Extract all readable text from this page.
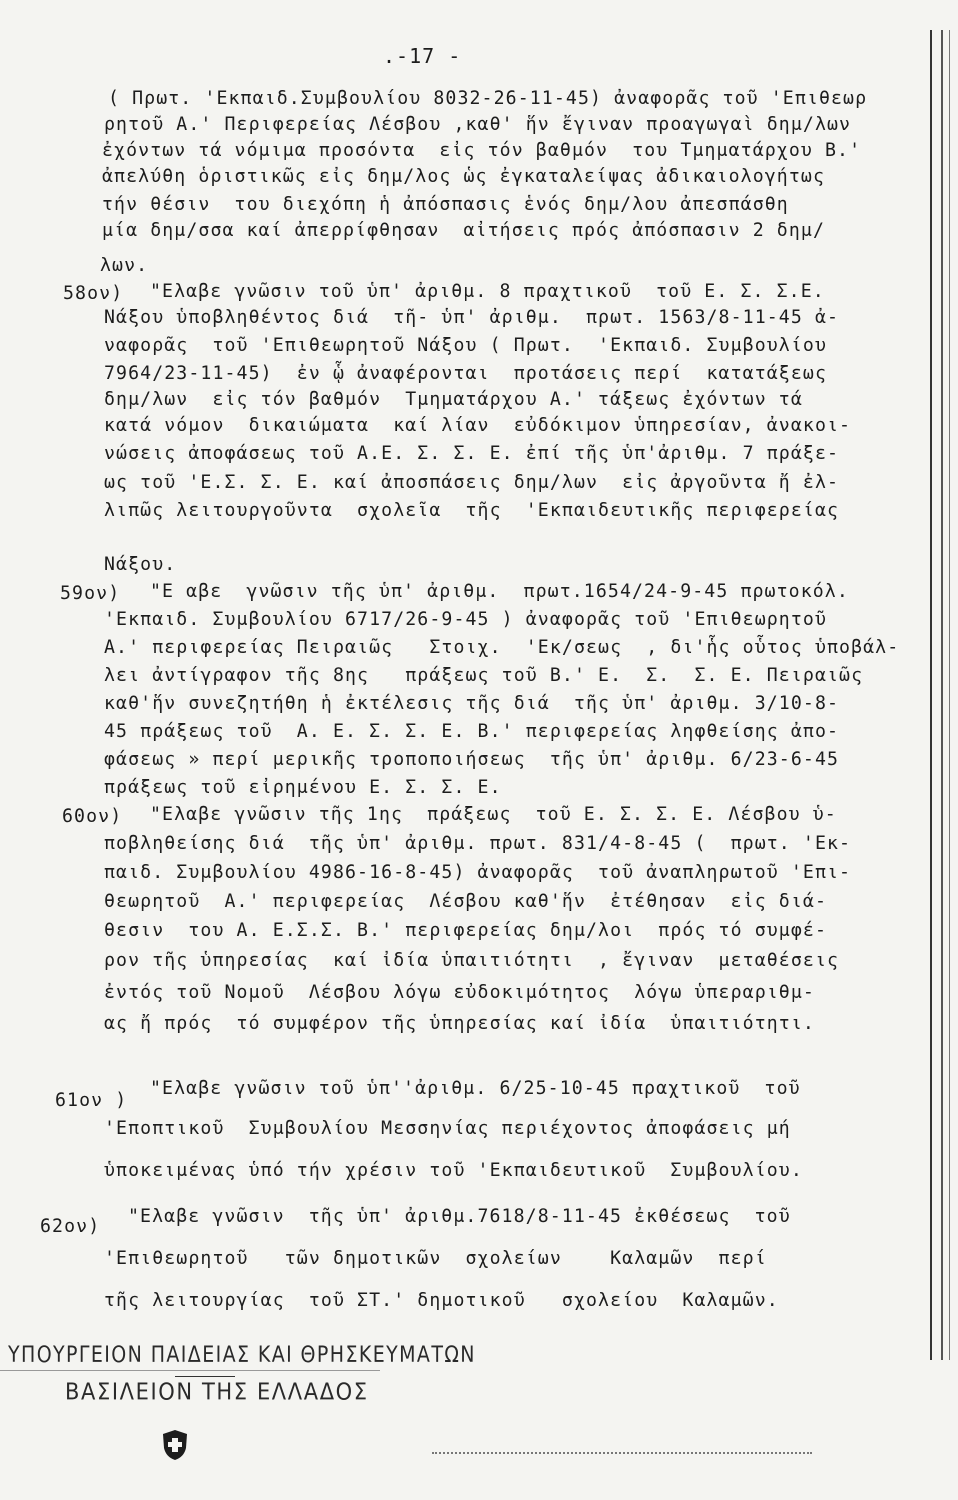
.-17 -
( Πρωτ. 'Εκπαιδ.Συμβουλίου 8032-26-11-45) ἀναφορᾶς τοῦ 'Επιθεωρ
ρητοῦ Α.' Περιφερείας Λέσβου ,καθ' ἥν ἔγιναν προαγωγαὶ δημ/λων
ἐχόντων τά νόμιμα προσόντα  εἰς τόν βαθμόν  του Τμηματάρχου Β.'
ἀπελύθη ὁριστικῶς εἰς δημ/λος ὡς ἐγκαταλείψας ἀδικαιολογήτως
τήν θέσιν  του διεχόπη ἡ ἀπόσπασις ἑνός δημ/λου ἀπεσπάσθη
μία δημ/σσα καί ἀπερρίφθησαν  αἰτήσεις πρός ἀπόσπασιν 2 δημ/
λων.
58ον) "Ελαβε γνῶσιν τοῦ ὑπ' ἀριθμ. 8 πραχτικοῦ  τοῦ Ε. Σ. Σ.Ε.
Νάξου ὑποβληθέντος διά  τῆ- ὑπ' ἀριθμ.  πρωτ. 1563/8-11-45 ἀ-
ναφορᾶς  τοῦ 'Επιθεωρητοῦ Νάξου ( Πρωτ.  'Εκπαιδ. Συμβουλίου
7964/23-11-45)  ἐν ᾧ ἀναφέρονται  προτάσεις περί  κατατάξεως
δημ/λων  εἰς τόν βαθμόν  Τμηματάρχου Α.' τάξεως ἐχόντων τά
κατά νόμον  δικαιώματα  καί λίαν  εὐδόκιμον ὑπηρεσίαν, ἀνακοι-
νώσεις ἀποφάσεως τοῦ Α.Ε. Σ. Σ. Ε. ἐπί τῆς ὑπ'ἀριθμ. 7 πράξε-
ως τοῦ 'Ε.Σ. Σ. Ε. καί ἀποσπάσεις δημ/λων  εἰς ἀργοῦντα ἤ ἐλ-
λιπῶς λειτουργοῦντα  σχολεῖα  τῆς  'Εκπαιδευτικῆς περιφερείας
Νάξου.
59ον) "Ε αβε  γνῶσιν τῆς ὑπ' ἀριθμ.  πρωτ.1654/24-9-45 πρωτοκόλ.
'Εκπαιδ. Συμβουλίου 6717/26-9-45 ) ἀναφορᾶς τοῦ 'Επιθεωρητοῦ
Α.' περιφερείας Πειραιῶς   Στοιχ.  'Εκ/σεως  , δι'ἧς οὗτος ὑποβάλ-
λει ἀντίγραφον τῆς 8ης   πράξεως τοῦ Β.' Ε.  Σ.  Σ. Ε. Πειραιῶς
καθ'ἥν συνεζητήθη ἡ ἐκτέλεσις τῆς διά  τῆς ὑπ' ἀριθμ. 3/10-8-
45 πράξεως τοῦ  Α. Ε. Σ. Σ. Ε. Β.' περιφερείας ληφθείσης ἀπο-
φάσεως » περί μερικῆς τροποποιήσεως  τῆς ὑπ' ἀριθμ. 6/23-6-45
πράξεως τοῦ εἰρημένου Ε. Σ. Σ. Ε.
60ον) "Ελαβε γνῶσιν τῆς 1ης  πράξεως  τοῦ Ε. Σ. Σ. Ε. Λέσβου ὑ-
ποβληθείσης διά  τῆς ὑπ' ἀριθμ. πρωτ. 831/4-8-45 (  πρωτ. 'Εκ-
παιδ. Συμβουλίου 4986-16-8-45) ἀναφορᾶς  τοῦ ἀναπληρωτοῦ 'Επι-
θεωρητοῦ  Α.' περιφερείας  Λέσβου καθ'ἥν  ἐτέθησαν  εἰς διά-
θεσιν  του Α. Ε.Σ.Σ. Β.' περιφερείας δημ/λοι  πρός τό συμφέ-
ρον τῆς ὑπηρεσίας  καί ἰδία ὑπαιτιότητι  , ἔγιναν  μεταθέσεις
ἐντός τοῦ Νομοῦ  Λέσβου λόγω εὐδοκιμότητος  λόγω ὑπεραριθμ-
ας ἤ πρός  τό συμφέρον τῆς ὑπηρεσίας καί ἰδία  ὑπαιτιότητι.
61ον )
"Ελαβε γνῶσιν τοῦ ὑπ''ἀριθμ. 6/25-10-45 πραχτικοῦ  τοῦ
'Εποπτικοῦ  Συμβουλίου Μεσσηνίας περιέχοντος ἀποφάσεις μή
ὑποκειμένας ὑπό τήν χρέσιν τοῦ 'Εκπαιδευτικοῦ  Συμβουλίου.
62ον) "Ελαβε γνῶσιν  τῆς ὑπ' ἀριθμ.7618/8-11-45 ἐκθέσεως  τοῦ
'Επιθεωρητοῦ   τῶν δημοτικῶν  σχολείων    Καλαμῶν  περί
τῆς λειτουργίας  τοῦ ΣΤ.' δημοτικοῦ   σχολείου  Καλαμῶν.
ΥΠΟΥΡΓΕΙΟΝ ΠΑΙΔΕΙΑΣ ΚΑΙ ΘΡΗΣΚΕΥΜΑΤΩΝ
ΒΑΣΙΛΕΙΟΝ ΤΗΣ ΕΛΛΑΔΟΣ
